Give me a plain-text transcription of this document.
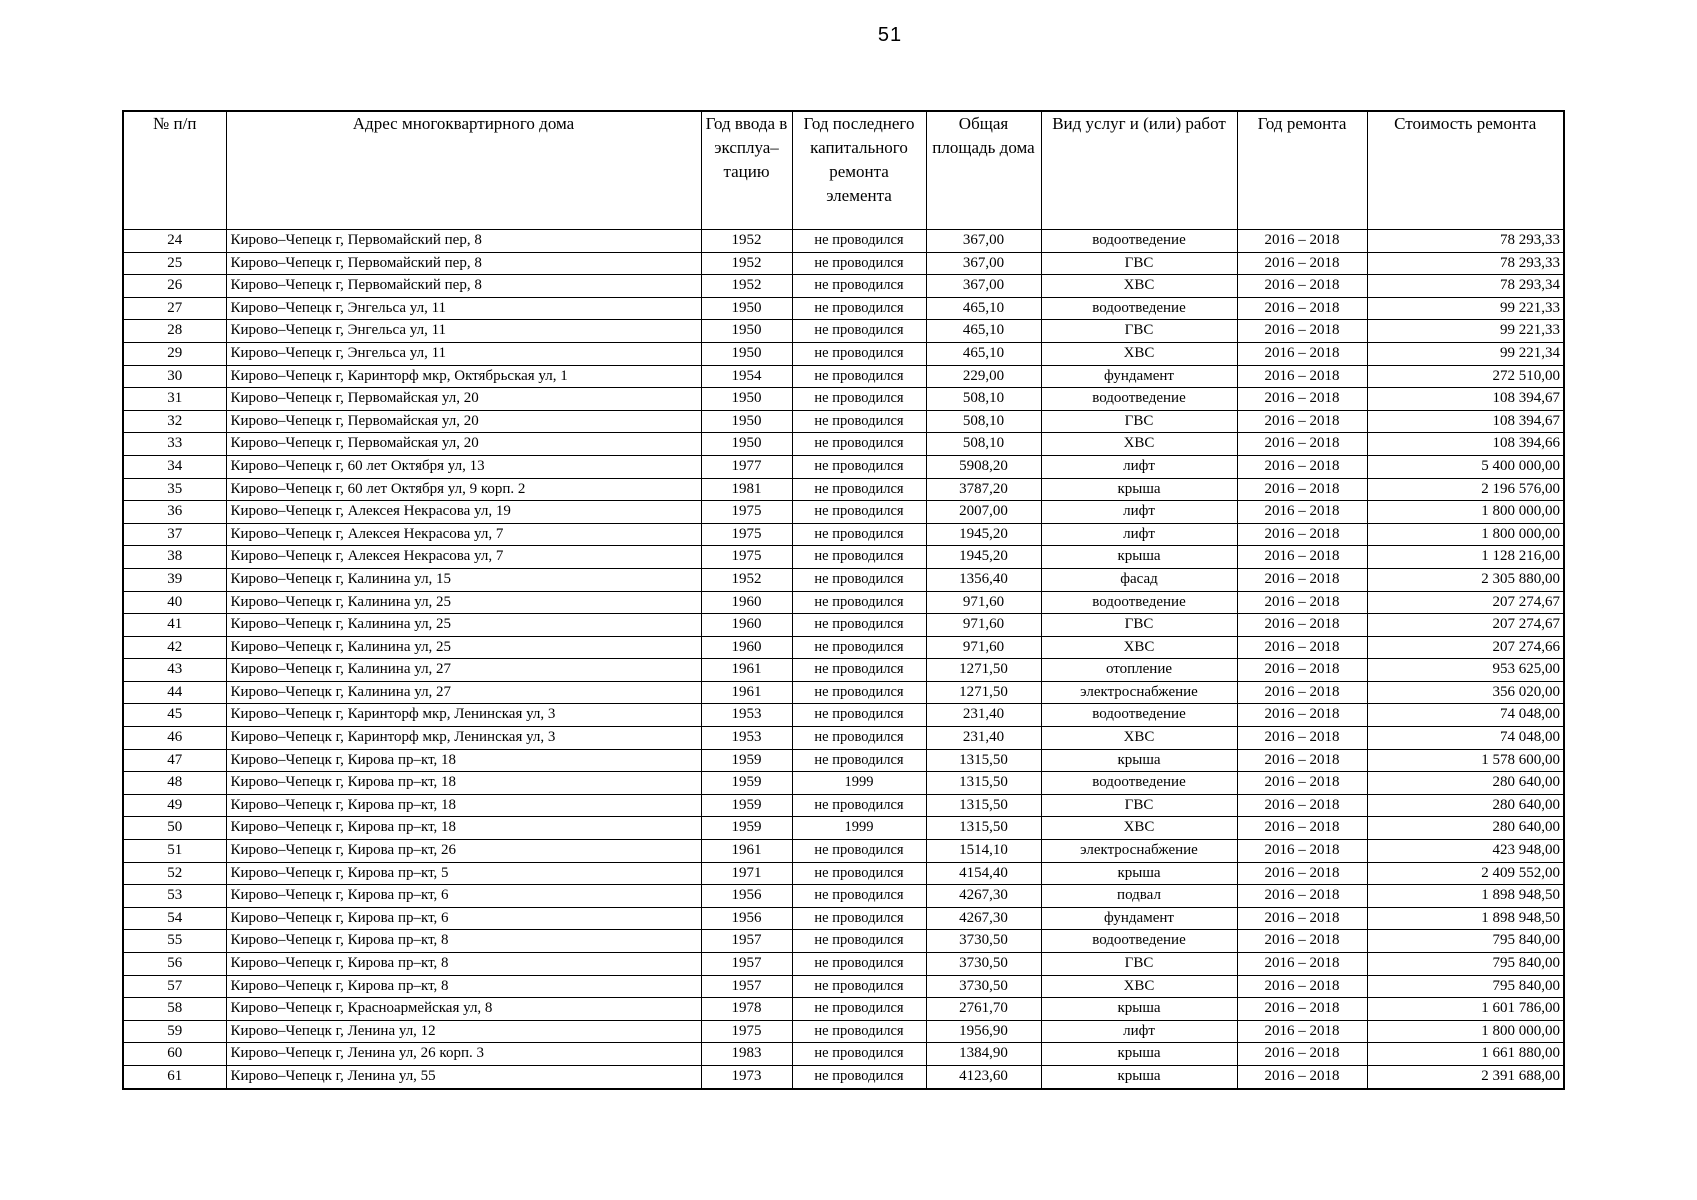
51
№ п/п	Адрес многоквартирного дома	Год ввода в эксплуа–тацию	Год последнего капитального ремонта элемента	Общая площадь дома	Вид услуг и (или) работ	Год ремонта	Стоимость ремонта
24	Кирово–Чепецк г, Первомайский пер, 8	1952	не проводился	367,00	водоотведение	2016 – 2018	78 293,33
25	Кирово–Чепецк г, Первомайский пер, 8	1952	не проводился	367,00	ГВС	2016 – 2018	78 293,33
26	Кирово–Чепецк г, Первомайский пер, 8	1952	не проводился	367,00	ХВС	2016 – 2018	78 293,34
27	Кирово–Чепецк г, Энгельса ул, 11	1950	не проводился	465,10	водоотведение	2016 – 2018	99 221,33
28	Кирово–Чепецк г, Энгельса ул, 11	1950	не проводился	465,10	ГВС	2016 – 2018	99 221,33
29	Кирово–Чепецк г, Энгельса ул, 11	1950	не проводился	465,10	ХВС	2016 – 2018	99 221,34
30	Кирово–Чепецк г, Каринторф мкр, Октябрьская ул, 1	1954	не проводился	229,00	фундамент	2016 – 2018	272 510,00
31	Кирово–Чепецк г, Первомайская ул, 20	1950	не проводился	508,10	водоотведение	2016 – 2018	108 394,67
32	Кирово–Чепецк г, Первомайская ул, 20	1950	не проводился	508,10	ГВС	2016 – 2018	108 394,67
33	Кирово–Чепецк г, Первомайская ул, 20	1950	не проводился	508,10	ХВС	2016 – 2018	108 394,66
34	Кирово–Чепецк г, 60 лет Октября ул, 13	1977	не проводился	5908,20	лифт	2016 – 2018	5 400 000,00
35	Кирово–Чепецк г, 60 лет Октября ул, 9 корп. 2	1981	не проводился	3787,20	крыша	2016 – 2018	2 196 576,00
36	Кирово–Чепецк г, Алексея Некрасова ул, 19	1975	не проводился	2007,00	лифт	2016 – 2018	1 800 000,00
37	Кирово–Чепецк г, Алексея Некрасова ул, 7	1975	не проводился	1945,20	лифт	2016 – 2018	1 800 000,00
38	Кирово–Чепецк г, Алексея Некрасова ул, 7	1975	не проводился	1945,20	крыша	2016 – 2018	1 128 216,00
39	Кирово–Чепецк г, Калинина ул, 15	1952	не проводился	1356,40	фасад	2016 – 2018	2 305 880,00
40	Кирово–Чепецк г, Калинина ул, 25	1960	не проводился	971,60	водоотведение	2016 – 2018	207 274,67
41	Кирово–Чепецк г, Калинина ул, 25	1960	не проводился	971,60	ГВС	2016 – 2018	207 274,67
42	Кирово–Чепецк г, Калинина ул, 25	1960	не проводился	971,60	ХВС	2016 – 2018	207 274,66
43	Кирово–Чепецк г, Калинина ул, 27	1961	не проводился	1271,50	отопление	2016 – 2018	953 625,00
44	Кирово–Чепецк г, Калинина ул, 27	1961	не проводился	1271,50	электроснабжение	2016 – 2018	356 020,00
45	Кирово–Чепецк г, Каринторф мкр, Ленинская ул, 3	1953	не проводился	231,40	водоотведение	2016 – 2018	74 048,00
46	Кирово–Чепецк г, Каринторф мкр, Ленинская ул, 3	1953	не проводился	231,40	ХВС	2016 – 2018	74 048,00
47	Кирово–Чепецк г, Кирова пр–кт, 18	1959	не проводился	1315,50	крыша	2016 – 2018	1 578 600,00
48	Кирово–Чепецк г, Кирова пр–кт, 18	1959	1999	1315,50	водоотведение	2016 – 2018	280 640,00
49	Кирово–Чепецк г, Кирова пр–кт, 18	1959	не проводился	1315,50	ГВС	2016 – 2018	280 640,00
50	Кирово–Чепецк г, Кирова пр–кт, 18	1959	1999	1315,50	ХВС	2016 – 2018	280 640,00
51	Кирово–Чепецк г, Кирова пр–кт, 26	1961	не проводился	1514,10	электроснабжение	2016 – 2018	423 948,00
52	Кирово–Чепецк г, Кирова пр–кт, 5	1971	не проводился	4154,40	крыша	2016 – 2018	2 409 552,00
53	Кирово–Чепецк г, Кирова пр–кт, 6	1956	не проводился	4267,30	подвал	2016 – 2018	1 898 948,50
54	Кирово–Чепецк г, Кирова пр–кт, 6	1956	не проводился	4267,30	фундамент	2016 – 2018	1 898 948,50
55	Кирово–Чепецк г, Кирова пр–кт, 8	1957	не проводился	3730,50	водоотведение	2016 – 2018	795 840,00
56	Кирово–Чепецк г, Кирова пр–кт, 8	1957	не проводился	3730,50	ГВС	2016 – 2018	795 840,00
57	Кирово–Чепецк г, Кирова пр–кт, 8	1957	не проводился	3730,50	ХВС	2016 – 2018	795 840,00
58	Кирово–Чепецк г, Красноармейская ул, 8	1978	не проводился	2761,70	крыша	2016 – 2018	1 601 786,00
59	Кирово–Чепецк г, Ленина ул, 12	1975	не проводился	1956,90	лифт	2016 – 2018	1 800 000,00
60	Кирово–Чепецк г, Ленина ул, 26 корп. 3	1983	не проводился	1384,90	крыша	2016 – 2018	1 661 880,00
61	Кирово–Чепецк г, Ленина ул, 55	1973	не проводился	4123,60	крыша	2016 – 2018	2 391 688,00
